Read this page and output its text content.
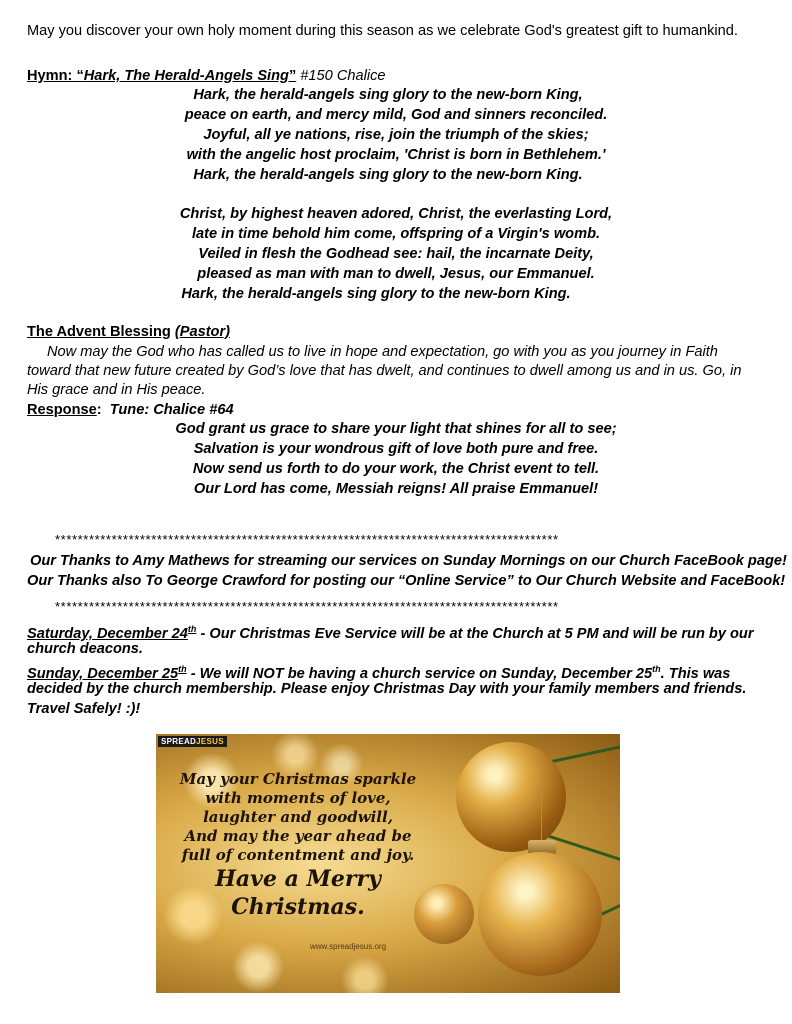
May you discover your own holy moment during this season as we celebrate God's greatest gift to humankind.
Hymn: “Hark, The Herald-Angels Sing” #150 Chalice
Hark, the herald-angels sing glory to the new-born King,
peace on earth, and mercy mild, God and sinners reconciled.
Joyful, all ye nations, rise, join the triumph of the skies;
with the angelic host proclaim, 'Christ is born in Bethlehem.'
Hark, the herald-angels sing glory to the new-born King.
Christ, by highest heaven adored, Christ, the everlasting Lord,
late in time behold him come, offspring of a Virgin's womb.
Veiled in flesh the Godhead see: hail, the incarnate Deity,
pleased as man with man to dwell, Jesus, our Emmanuel.
Hark, the herald-angels sing glory to the new-born King.
The Advent Blessing (Pastor)
Now may the God who has called us to live in hope and expectation, go with you as you journey in Faith
toward that new future created by God’s love that has dwelt, and continues to dwell among us and in us. Go, in
His grace and in His peace.
Response: Tune: Chalice #64
God grant us grace to share your light that shines for all to see;
Salvation is your wondrous gift of love both pure and free.
Now send us forth to do your work, the Christ event to tell.
Our Lord has come, Messiah reigns! All praise Emmanuel!
*****************************************************************************************
Our Thanks to Amy Mathews for streaming our services on Sunday Mornings on our Church FaceBook page!
Our Thanks also To George Crawford for posting our “Online Service” to Our Church Website and FaceBook!
*****************************************************************************************
Saturday, December 24th - Our Christmas Eve Service will be at the Church at 5 PM and will be run by our
church deacons.
Sunday, December 25th - We will NOT be having a church service on Sunday, December 25th. This was
decided by the church membership. Please enjoy Christmas Day with your family members and friends.
Travel Safely! :)!
SPREADJESUS
May your Christmas sparkle
with moments of love,
laughter and goodwill,
And may the year ahead be
full of contentment and joy.
Have a Merry Christmas.
www.spreadjesus.org
